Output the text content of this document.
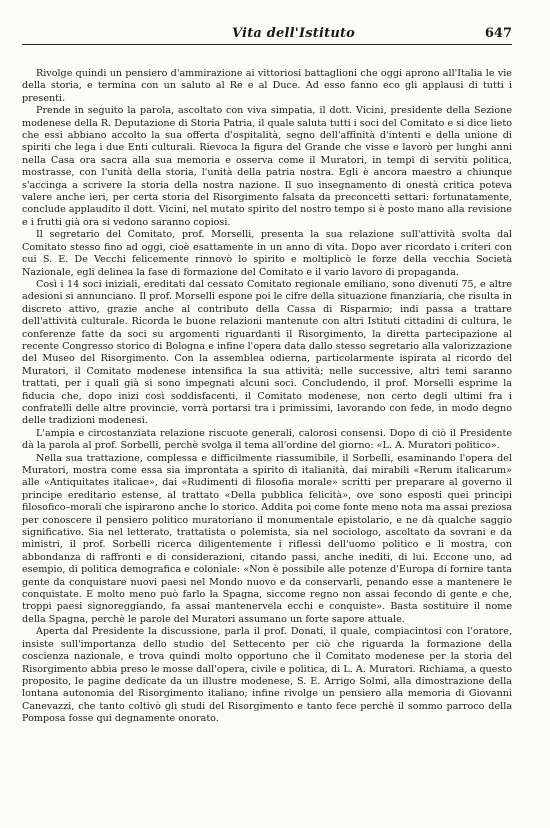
Vita dell'Istituto	647

Rivolge quindi un pensiero d'ammirazione ai vittoriosi battaglioni che oggi aprono all'Italia le vie della storia, e termina con un saluto al Re e al Duce. Ad esso fanno eco gli applausi di tutti i presenti.

Prende in seguito la parola, ascoltato con viva simpatia, il dott. Vicini, presidente della Sezione modenese della R. Deputazione di Storia Patria, il quale saluta tutti i soci del Comitato e si dice lieto che essi abbiano accolto la sua offerta d'ospitalità, segno dell'affinità d'intenti e della unione di spiriti che lega i due Enti culturali. Rievoca la figura del Grande che visse e lavorò per lunghi anni nella Casa ora sacra alla sua memoria e osserva come il Muratori, in tempi di servitù politica, mostrasse, con l'unità della storia, l'unità della patria nostra. Egli è ancora maestro a chiunque s'accinga a scrivere la storia della nostra nazione. Il suo insegnamento di onestà critica poteva valere anche ieri, per certa storia del Risorgimento falsata da preconcetti settari: fortunatamente, conclude applaudito il dott. Vicini, nel mutato spirito del nostro tempo si è posto mano alla revisione e i frutti già ora si vedono saranno copiosi.

Il segretario del Comitato, prof. Morselli, presenta la sua relazione sull'attività svolta dal Comitato stesso fino ad oggi, cioè esattamente in un anno di vita. Dopo aver ricordato i criteri con cui S. E. De Vecchi felicemente rinnovò lo spirito e moltiplicò le forze della vecchia Società Nazionale, egli delinea la fase di formazione del Comitato e il vario lavoro di propaganda.

Così i 14 soci iniziali, ereditati dal cessato Comitato regionale emiliano, sono divenuti 75, e altre adesioni si annunciano. Il prof. Morselli espone poi le cifre della situazione finanziaria, che risulta in discreto attivo, grazie anche al contributo della Cassa di Risparmio; indi passa a trattare dell'attività culturale. Ricorda le buone relazioni mantenute con altri Istituti cittadini di cultura, le conferenze fatte da soci su argomenti riguardanti il Risorgimento, la diretta partecipazione al recente Congresso storico di Bologna e infine l'opera data dallo stesso segretario alla valorizzazione del Museo del Risorgimento. Con la assemblea odierna, particolarmente ispirata al ricordo del Muratori, il Comitato modenese intensifica la sua attività; nelle successive, altri temi saranno trattati, per i quali già si sono impegnati alcuni soci. Concludendo, il prof. Morselli esprime la fiducia che, dopo inizi così soddisfacenti, il Comitato modenese, non certo degli ultimi fra i confratelli delle altre provincie, vorrà portarsi tra i primissimi, lavorando con fede, in modo degno delle tradizioni modenesi.

L'ampia e circostanziata relazione riscuote generali, calorosi consensi. Dopo di ciò il Presidente dà la parola al prof. Sorbelli, perchè svolga il tema all'ordine del giorno: «L. A. Muratori politico».

Nella sua trattazione, complessa e difficilmente riassumibile, il Sorbelli, esaminando l'opera del Muratori, mostra come essa sia improntata a spirito di italianità, dai mirabili «Rerum italicarum» alle «Antiquitates italicae», dai «Rudimenti di filosofia morale» scritti per preparare al governo il principe ereditario estense, al trattato «Della pubblica felicità», ove sono esposti quei principi filosofico–morali che ispirarono anche lo storico. Addita poi come fonte meno nota ma assai preziosa per conoscere il pensiero politico muratoriano il monumentale epistolario, e ne dà qualche saggio significativo. Sia nel letterato, trattatista o polemista, sia nel sociologo, ascoltato da sovrani e da ministri, il prof. Sorbelli ricerca diligentemente i riflessi dell'uomo politico e li mostra, con abbondanza di raffronti e di considerazioni, citando passi, anche inediti, di lui. Eccone uno, ad esempio, di politica demografica e coloniale: «Non è possibile alle potenze d'Europa di fornire tanta gente da conquistare nuovi paesi nel Mondo nuovo e da conservarli, penando esse a mantenere le conquistate. E molto meno può farlo la Spagna, siccome regno non assai fecondo di gente e che, troppi paesi signoreggiando, fa assai mantenervela ecchi e conquiste». Basta sostituire il nome della Spagna, perchè le parole del Muratori assumano un forte sapore attuale.

Aperta dal Presidente la discussione, parla il prof. Donati, il quale, compiacintosi con l'oratore, insiste sull'importanza dello studio del Settecento per ciò che riguarda la formazione della coscienza nazionale, e trova quindi molto opportuno che il Comitato modenese per la storia del Risorgimento abbia preso le mosse dall'opera, civile e politica, di L. A. Muratori. Richiama, a questo proposito, le pagine dedicate da un illustre modenese, S. E. Arrigo Solmi, alla dimostrazione della lontana autonomia del Risorgimento italiano; infine rivolge un pensiero alla memoria di Giovanni Canevazzi, che tanto coltivò gli studi del Risorgimento e tanto fece perchè il sommo parroco della Pomposa fosse qui degnamente onorato.
